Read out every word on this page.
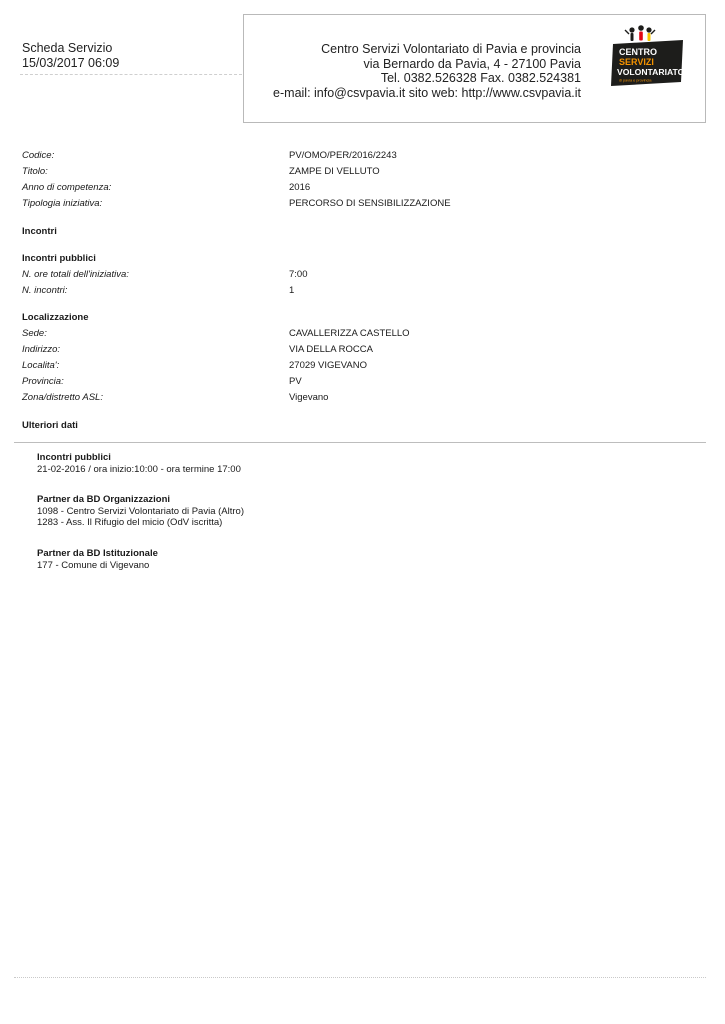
Scheda Servizio
15/03/2017 06:09
Centro Servizi Volontariato di Pavia e provincia
via Bernardo da Pavia, 4 - 27100 Pavia
Tel. 0382.526328 Fax. 0382.524381
e-mail: info@csvpavia.it sito web: http://www.csvpavia.it
CENTRO
SERVIZI
VOLONTARIATO
di pavia e provincia
Codice:	PV/OMO/PER/2016/2243
Titolo:	ZAMPE DI VELLUTO
Anno di competenza:	2016
Tipologia iniziativa:	PERCORSO DI SENSIBILIZZAZIONE
Incontri
Incontri pubblici
N. ore totali dell'iniziativa:	7:00
N. incontri:	1
Localizzazione
Sede:	CAVALLERIZZA CASTELLO
Indirizzo:	VIA DELLA ROCCA
Localita':	27029 VIGEVANO
Provincia:	PV
Zona/distretto ASL:	Vigevano
Ulteriori dati
Incontri pubblici
21-02-2016 / ora inizio:10:00 - ora termine 17:00
Partner da BD Organizzazioni
1098 - Centro Servizi Volontariato di Pavia (Altro)
1283 - Ass. Il Rifugio del micio (OdV iscritta)
Partner da BD Istituzionale
177 - Comune di Vigevano
